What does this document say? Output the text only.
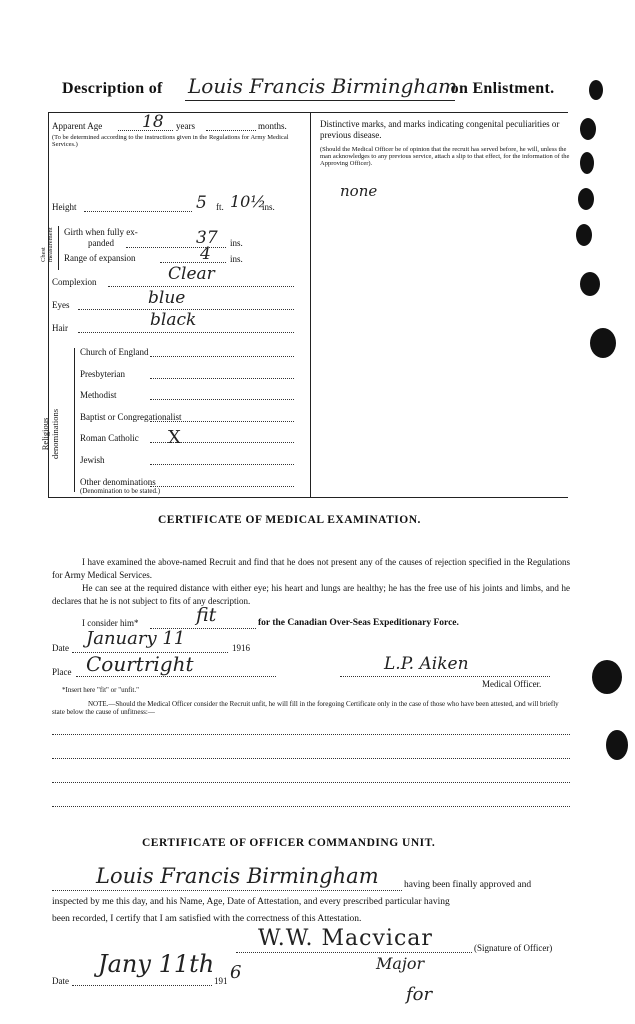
Description of	on Enlistment.
Louis Francis Birmingham
Apparent Age 18 years	months.
(To be determined according to the instructions given in the Regulations for Army Medical Services.)
Height	5 ft. 10½
ins.
Chest measurement Girth when fully ex-
panded	37 ins.
Range of expansion	4 ins.
Complexion	Clear
Eyes	blue
Hair	black
Religious denominations
Church of England
Presbyterian
Methodist
Baptist or Congregationalist
Roman Catholic X
Jewish
Other denominations
(Denomination to be stated.)
Distinctive marks, and marks indicating congenital peculiarities or previous disease.
(Should the Medical Officer be of opinion that the recruit has served before, he will, unless the man acknowledges to any previous service, attach a slip to that effect, for the information of the Approving Officer).
none
CERTIFICATE OF MEDICAL EXAMINATION.
I have examined the above-named Recruit and find that he does not present any of the causes of rejection specified in the Regulations for Army Medical Services.
He can see at the required distance with either eye; his heart and lungs are healthy; he has the free use of his joints and limbs, and he declares that he is not subject to fits of any description.
I consider him*	fit	for the Canadian Over-Seas Expeditionary Force.
Date January 11	1916
Place Courtright	L.P. Aiken
Medical Officer.
*Insert here "fit" or "unfit."
NOTE.—Should the Medical Officer consider the Recruit unfit, he will fill in the foregoing Certificate only in the case of those who have been attested, and will briefly state below the cause of unfitness:—
CERTIFICATE OF OFFICER COMMANDING UNIT.
Louis Francis Birmingham	having been finally approved and
inspected by me this day, and his Name, Age, Date of Attestation, and every prescribed particular having
been recorded, I certify that I am satisfied with the correctness of this Attestation.
W.W. Macvicar	(Signature of Officer)
Major
for
Date
Jany 11th
191 6
